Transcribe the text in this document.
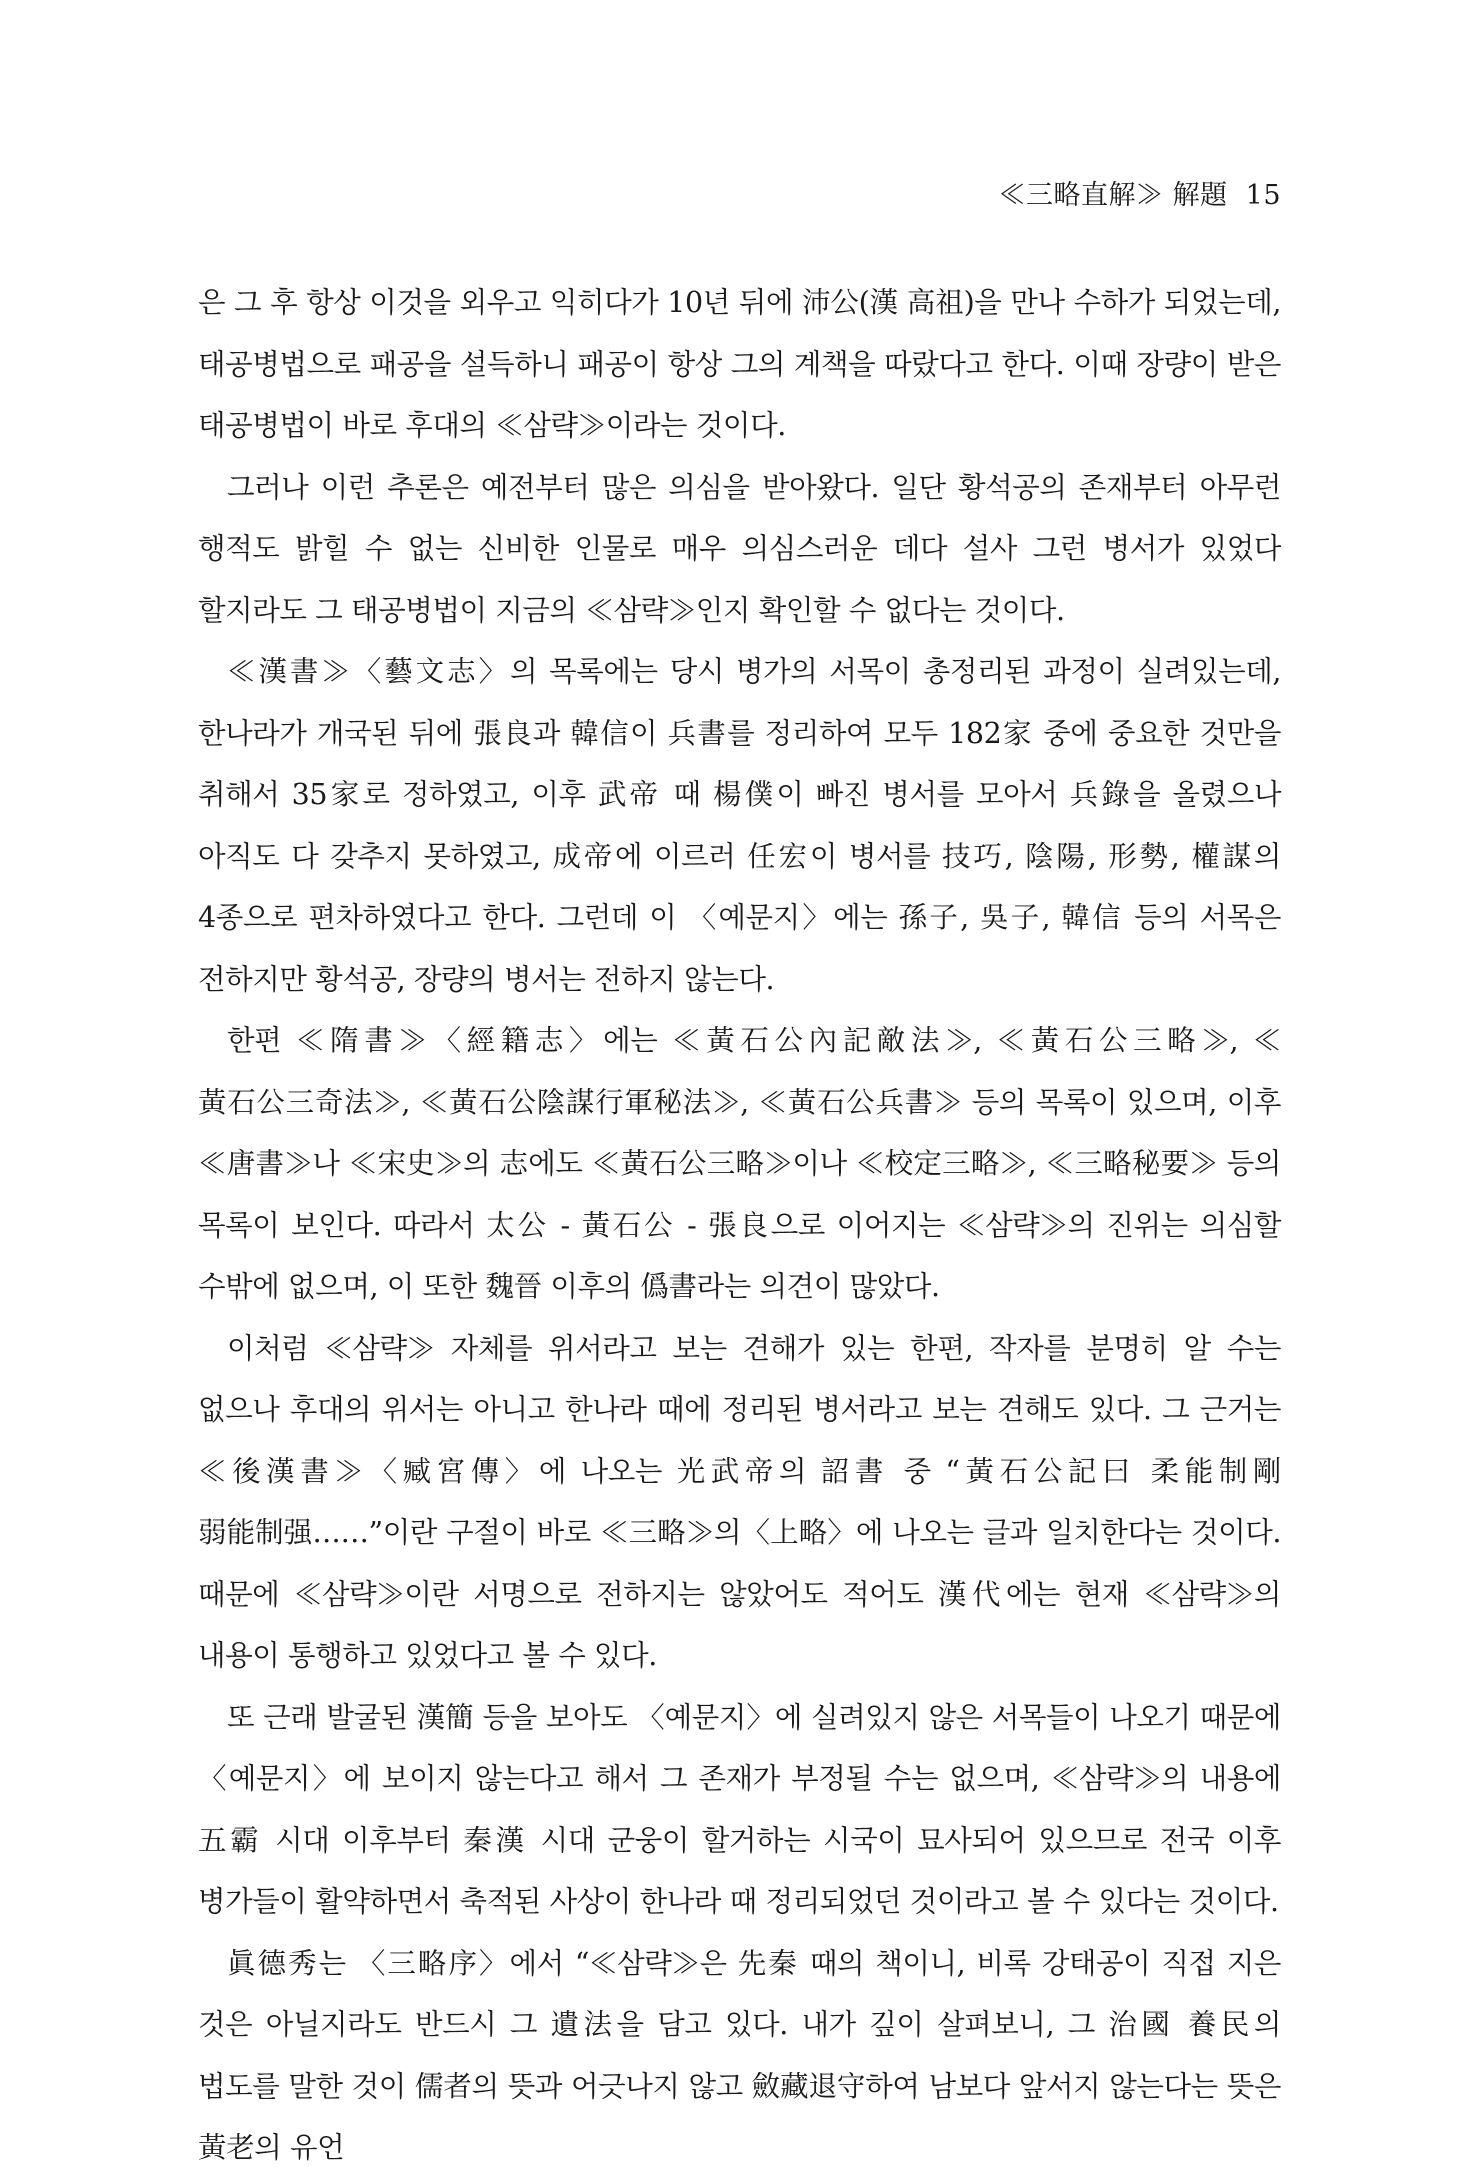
≪三略直解≫ 解題 15

은 그 후 항상 이것을 외우고 익히다가 10년 뒤에 沛公(漢 高祖)을 만나 수하가 되었는데, 태공병법으로 패공을 설득하니 패공이 항상 그의 계책을 따랐다고 한다. 이때 장량이 받은 태공병법이 바로 후대의 ≪삼략≫이라는 것이다.

그러나 이런 추론은 예전부터 많은 의심을 받아왔다. 일단 황석공의 존재부터 아무런 행적도 밝힐 수 없는 신비한 인물로 매우 의심스러운 데다 설사 그런 병서가 있었다 할지라도 그 태공병법이 지금의 ≪삼략≫인지 확인할 수 없다는 것이다.

≪漢書≫〈藝文志〉의 목록에는 당시 병가의 서목이 총정리된 과정이 실려있는데, 한나라가 개국된 뒤에 張良과 韓信이 兵書를 정리하여 모두 182家 중에 중요한 것만을 취해서 35家로 정하였고, 이후 武帝 때 楊僕이 빠진 병서를 모아서 兵錄을 올렸으나 아직도 다 갖추지 못하였고, 成帝에 이르러 任宏이 병서를 技巧, 陰陽, 形勢, 權謀의 4종으로 편차하였다고 한다. 그런데 이 〈예문지〉에는 孫子, 吳子, 韓信 등의 서목은 전하지만 황석공, 장량의 병서는 전하지 않는다.

한편 ≪隋書≫〈經籍志〉에는 ≪黃石公內記敵法≫, ≪黃石公三略≫, ≪黃石公三奇法≫, ≪黃石公陰謀行軍秘法≫, ≪黃石公兵書≫ 등의 목록이 있으며, 이후 ≪唐書≫나 ≪宋史≫의 志에도 ≪黃石公三略≫이나 ≪校定三略≫, ≪三略秘要≫ 등의 목록이 보인다. 따라서 太公 - 黃石公 - 張良으로 이어지는 ≪삼략≫의 진위는 의심할 수밖에 없으며, 이 또한 魏晉 이후의 僞書라는 의견이 많았다.

이처럼 ≪삼략≫ 자체를 위서라고 보는 견해가 있는 한편, 작자를 분명히 알 수는 없으나 후대의 위서는 아니고 한나라 때에 정리된 병서라고 보는 견해도 있다. 그 근거는 ≪後漢書≫〈臧宮傳〉에 나오는 光武帝의 詔書 중 “黃石公記曰 柔能制剛 弱能制强……”이란 구절이 바로 ≪三略≫의〈上略〉에 나오는 글과 일치한다는 것이다. 때문에 ≪삼략≫이란 서명으로 전하지는 않았어도 적어도 漢代에는 현재 ≪삼략≫의 내용이 통행하고 있었다고 볼 수 있다.

또 근래 발굴된 漢簡 등을 보아도 〈예문지〉에 실려있지 않은 서목들이 나오기 때문에 〈예문지〉에 보이지 않는다고 해서 그 존재가 부정될 수는 없으며, ≪삼략≫의 내용에 五霸 시대 이후부터 秦漢 시대 군웅이 할거하는 시국이 묘사되어 있으므로 전국 이후 병가들이 활약하면서 축적된 사상이 한나라 때 정리되었던 것이라고 볼 수 있다는 것이다.

眞德秀는 〈三略序〉에서 “≪삼략≫은 先秦 때의 책이니, 비록 강태공이 직접 지은 것은 아닐지라도 반드시 그 遺法을 담고 있다. 내가 깊이 살펴보니, 그 治國 養民의 법도를 말한 것이 儒者의 뜻과 어긋나지 않고 斂藏退守하여 남보다 앞서지 않는다는 뜻은 黃老의 유언
